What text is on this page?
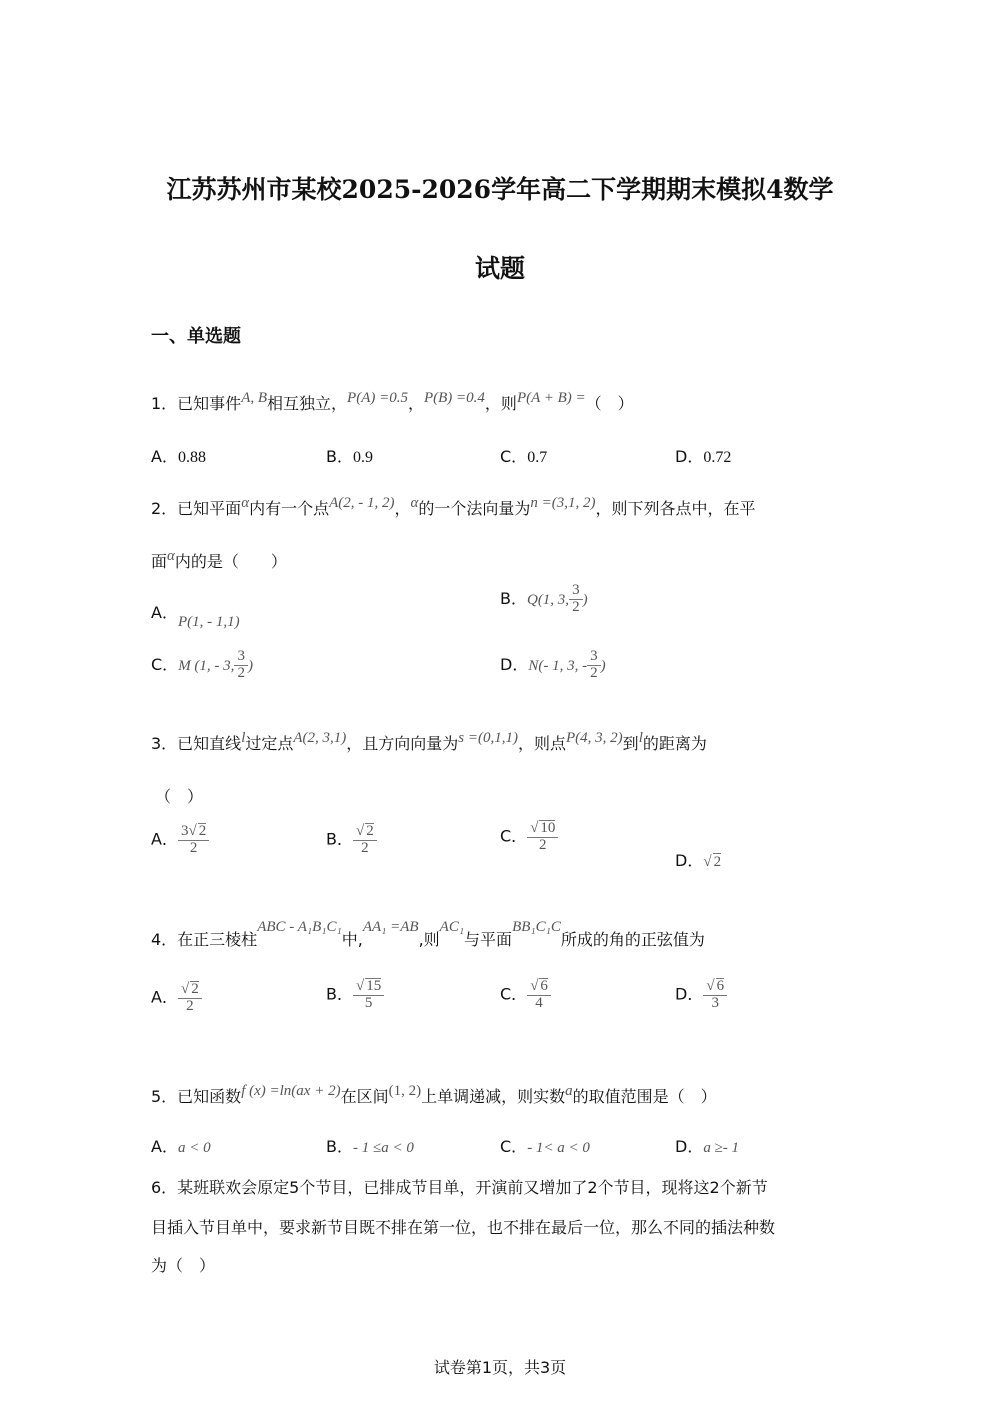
江苏苏州市某校2025-2026学年高二下学期期末模拟4数学
试题
一、单选题
1．已知事件A, B相互独立，P(A) =0.5，P(B) =0.4，则P(A + B) =（　）
A．0.88	B．0.9	C．0.7	D．0.72
2．已知平面α内有一个点A(2, - 1, 2)，α的一个法向量为n =(3,1, 2)，则下列各点中，在平
面α内的是（　　）
A．P(1, - 1,1)
B．Q(1, 3, $\frac{3}{2}$ )
C．M (1, - 3, $\frac{3}{2}$ )	D．N(- 1, 3, - $\frac{3}{2}$ )
3．已知直线l过定点A(2, 3,1)，且方向向量为s =(0,1,1)，则点P(4, 3, 2)到l的距离为
（　）
A． $\frac{3√ 2}{2}$	B． $\frac{√ 2}{2}$	C． $\frac{√ 10}{2}$
D．√ 2
4．在正三棱柱ABC - A₁B₁C₁中,AA₁ =AB,则AC₁与平面BB₁C₁C所成的角的正弦值为
A． $\frac{√ 2}{2}$	B． $\frac{√ 15}{5}$	C． $\frac{√ 6}{4}$	D． $\frac{√ 6}{3}$
5．已知函数f (x) =ln(ax + 2)在区间(1, 2)上单调递减，则实数a的取值范围是（　）
A．a < 0	B．- 1 ≤a < 0	C．- 1< a < 0	D．a ≥- 1
6．某班联欢会原定5个节目，已排成节目单，开演前又增加了2个节目，现将这2个新节
目插入节目单中，要求新节目既不排在第一位，也不排在最后一位，那么不同的插法种数
为（　）
试卷第1页，共3页
